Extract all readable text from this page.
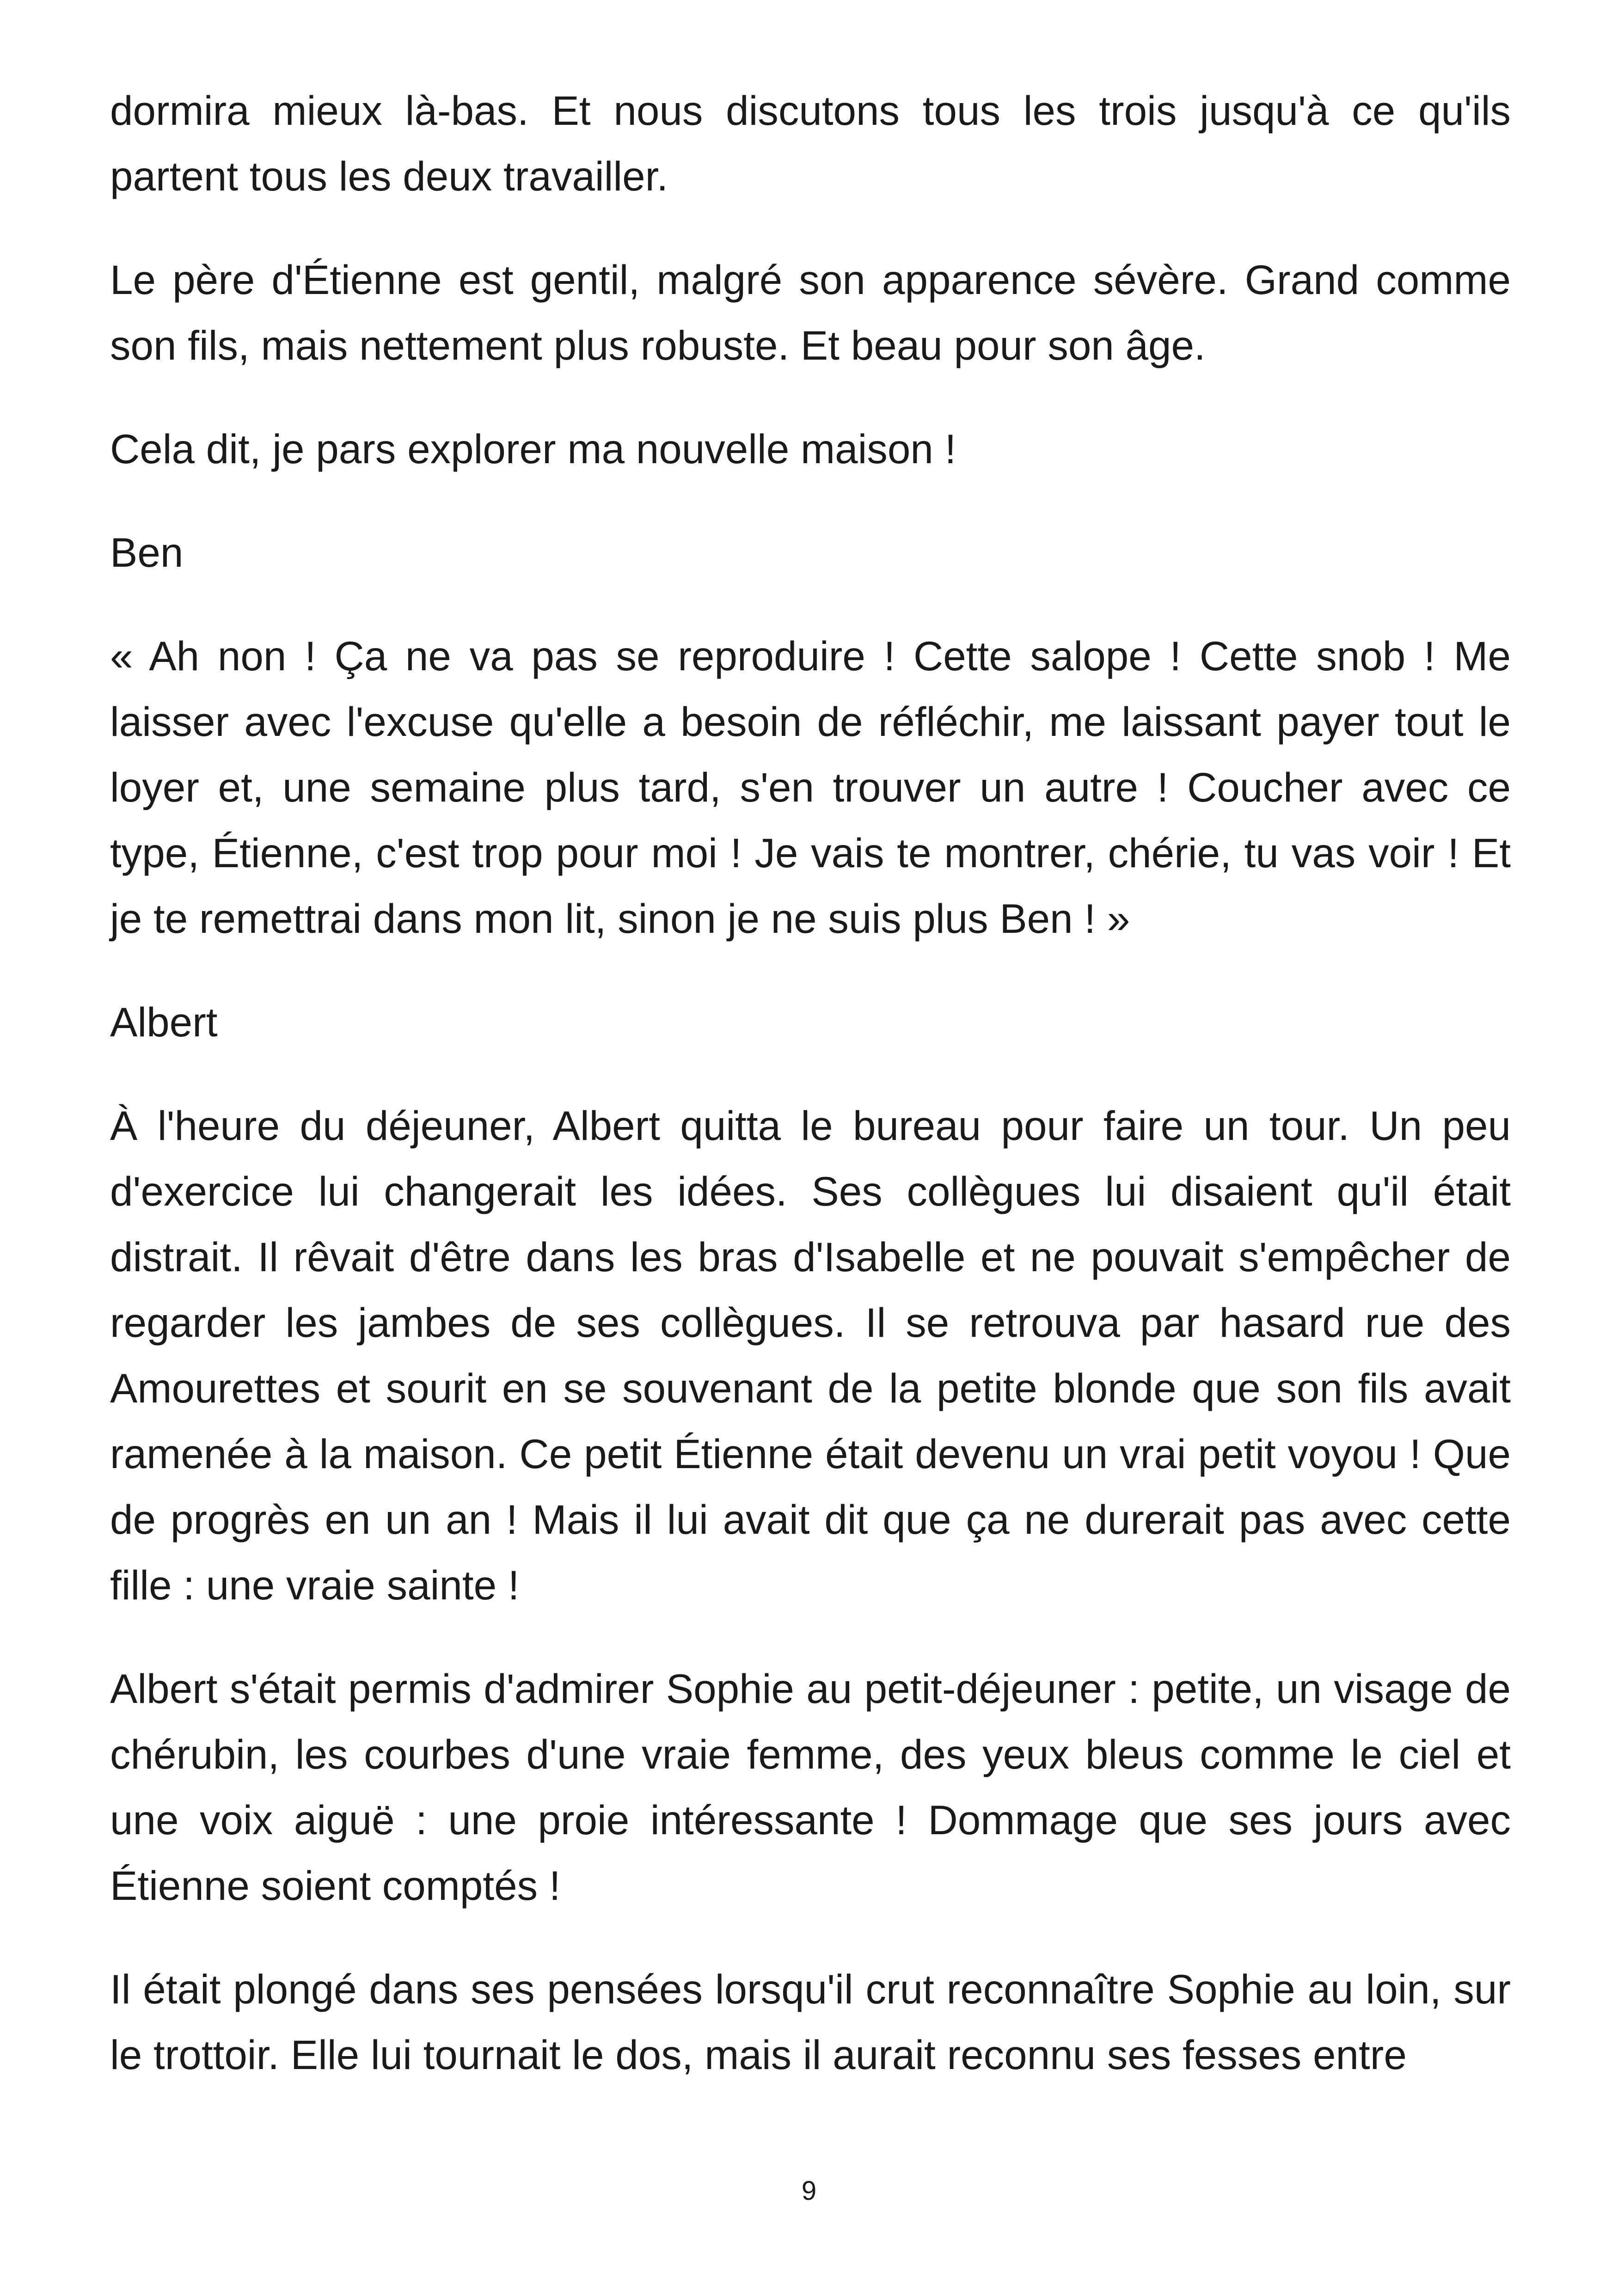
dormira mieux là-bas. Et nous discutons tous les trois jusqu'à ce qu'ils partent tous les deux travailler.

Le père d'Étienne est gentil, malgré son apparence sévère. Grand comme son fils, mais nettement plus robuste. Et beau pour son âge.

Cela dit, je pars explorer ma nouvelle maison !

Ben

« Ah non ! Ça ne va pas se reproduire ! Cette salope ! Cette snob ! Me laisser avec l'excuse qu'elle a besoin de réfléchir, me laissant payer tout le loyer et, une semaine plus tard, s'en trouver un autre ! Coucher avec ce type, Étienne, c'est trop pour moi ! Je vais te montrer, chérie, tu vas voir ! Et je te remettrai dans mon lit, sinon je ne suis plus Ben ! »

Albert

À l'heure du déjeuner, Albert quitta le bureau pour faire un tour. Un peu d'exercice lui changerait les idées. Ses collègues lui disaient qu'il était distrait. Il rêvait d'être dans les bras d'Isabelle et ne pouvait s'empêcher de regarder les jambes de ses collègues. Il se retrouva par hasard rue des Amourettes et sourit en se souvenant de la petite blonde que son fils avait ramenée à la maison. Ce petit Étienne était devenu un vrai petit voyou ! Que de progrès en un an ! Mais il lui avait dit que ça ne durerait pas avec cette fille : une vraie sainte !

Albert s'était permis d'admirer Sophie au petit-déjeuner : petite, un visage de chérubin, les courbes d'une vraie femme, des yeux bleus comme le ciel et une voix aiguë : une proie intéressante ! Dommage que ses jours avec Étienne soient comptés !

Il était plongé dans ses pensées lorsqu'il crut reconnaître Sophie au loin, sur le trottoir. Elle lui tournait le dos, mais il aurait reconnu ses fesses entre

9
